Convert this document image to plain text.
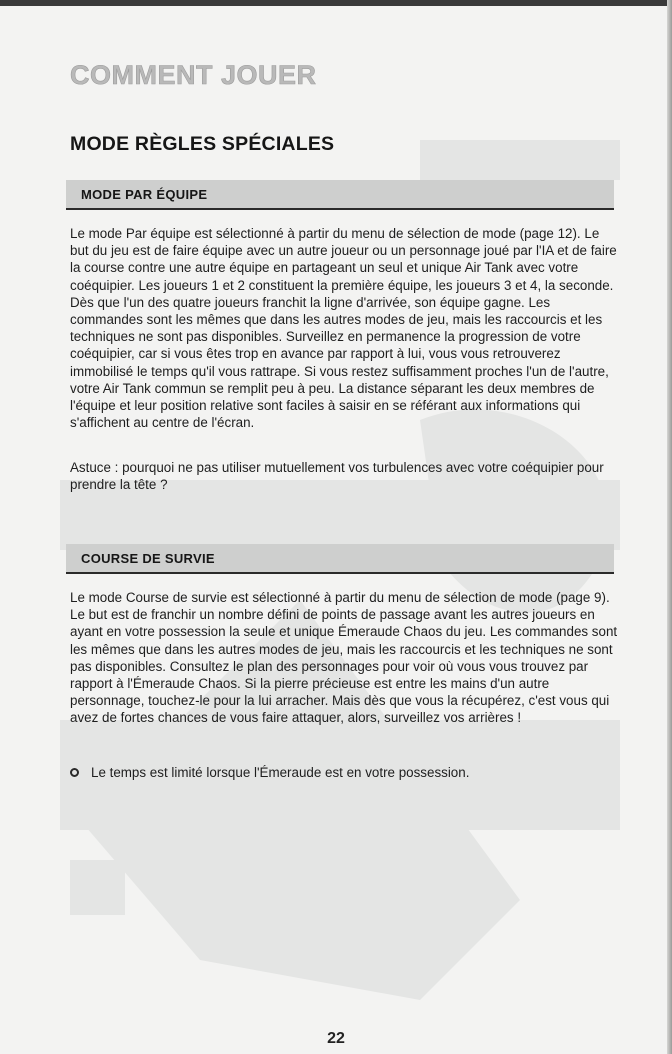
COMMENT JOUER
MODE RÈGLES SPÉCIALES
MODE PAR ÉQUIPE

Le mode Par équipe est sélectionné à partir du menu de sélection de mode (page 12). Le but du jeu est de faire équipe avec un autre joueur ou un personnage joué par l'IA et de faire la course contre une autre équipe en partageant un seul et unique Air Tank avec votre coéquipier. Les joueurs 1 et 2 constituent la première équipe, les joueurs 3 et 4, la seconde. Dès que l'un des quatre joueurs franchit la ligne d'arrivée, son équipe gagne. Les commandes sont les mêmes que dans les autres modes de jeu, mais les raccourcis et les techniques ne sont pas disponibles. Surveillez en permanence la progression de votre coéquipier, car si vous êtes trop en avance par rapport à lui, vous vous retrouverez immobilisé le temps qu'il vous rattrape. Si vous restez suffisamment proches l'un de l'autre, votre Air Tank commun se remplit peu à peu. La distance séparant les deux membres de l'équipe et leur position relative sont faciles à saisir en se référant aux informations qui s'affichent au centre de l'écran.

Astuce : pourquoi ne pas utiliser mutuellement vos turbulences avec votre coéquipier pour prendre la tête ?

COURSE DE SURVIE

Le mode Course de survie est sélectionné à partir du menu de sélection de mode (page 9). Le but est de franchir un nombre défini de points de passage avant les autres joueurs en ayant en votre possession la seule et unique Émeraude Chaos du jeu. Les commandes sont les mêmes que dans les autres modes de jeu, mais les raccourcis et les techniques ne sont pas disponibles. Consultez le plan des personnages pour voir où vous vous trouvez par rapport à l'Émeraude Chaos. Si la pierre précieuse est entre les mains d'un autre personnage, touchez-le pour la lui arracher. Mais dès que vous la récupérez, c'est vous qui avez de fortes chances de vous faire attaquer, alors, surveillez vos arrières !

Le temps est limité lorsque l'Émeraude est en votre possession.
22
